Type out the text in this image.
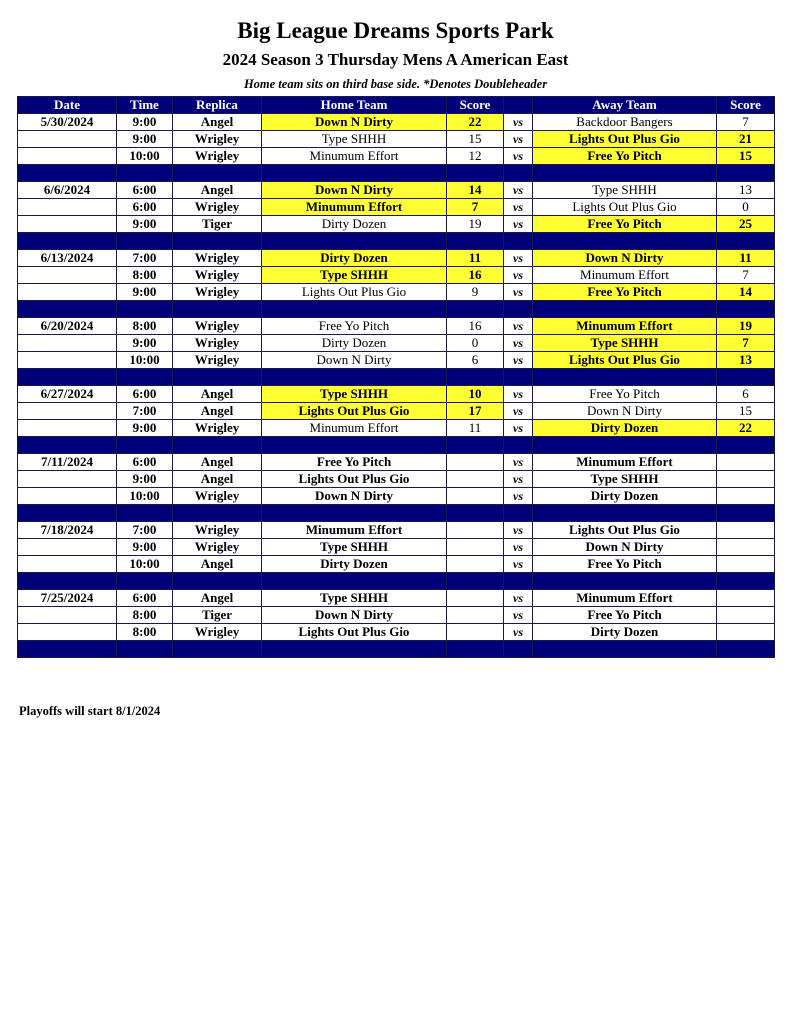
Big League Dreams Sports Park
2024 Season 3 Thursday Mens A American East
Home team sits on third base side. *Denotes Doubleheader
Date	Time	Replica	Home Team	Score		Away Team	Score
5/30/2024	9:00	Angel	Down N Dirty	22	vs	Backdoor Bangers	7
	9:00	Wrigley	Type SHHH	15	vs	Lights Out Plus Gio	21
	10:00	Wrigley	Minumum Effort	12	vs	Free Yo Pitch	15

6/6/2024	6:00	Angel	Down N Dirty	14	vs	Type SHHH	13
	6:00	Wrigley	Minumum Effort	7	vs	Lights Out Plus Gio	0
	9:00	Tiger	Dirty Dozen	19	vs	Free Yo Pitch	25

6/13/2024	7:00	Wrigley	Dirty Dozen	11	vs	Down N Dirty	11
	8:00	Wrigley	Type SHHH	16	vs	Minumum Effort	7
	9:00	Wrigley	Lights Out Plus Gio	9	vs	Free Yo Pitch	14

6/20/2024	8:00	Wrigley	Free Yo Pitch	16	vs	Minumum Effort	19
	9:00	Wrigley	Dirty Dozen	0	vs	Type SHHH	7
	10:00	Wrigley	Down N Dirty	6	vs	Lights Out Plus Gio	13

6/27/2024	6:00	Angel	Type SHHH	10	vs	Free Yo Pitch	6
	7:00	Angel	Lights Out Plus Gio	17	vs	Down N Dirty	15
	9:00	Wrigley	Minumum Effort	11	vs	Dirty Dozen	22

7/11/2024	6:00	Angel	Free Yo Pitch		vs	Minumum Effort	
	9:00	Angel	Lights Out Plus Gio		vs	Type SHHH	
	10:00	Wrigley	Down N Dirty		vs	Dirty Dozen	

7/18/2024	7:00	Wrigley	Minumum Effort		vs	Lights Out Plus Gio	
	9:00	Wrigley	Type SHHH		vs	Down N Dirty	
	10:00	Angel	Dirty Dozen		vs	Free Yo Pitch	

7/25/2024	6:00	Angel	Type SHHH		vs	Minumum Effort	
	8:00	Tiger	Down N Dirty		vs	Free Yo Pitch	
	8:00	Wrigley	Lights Out Plus Gio		vs	Dirty Dozen	

Playoffs will start 8/1/2024
